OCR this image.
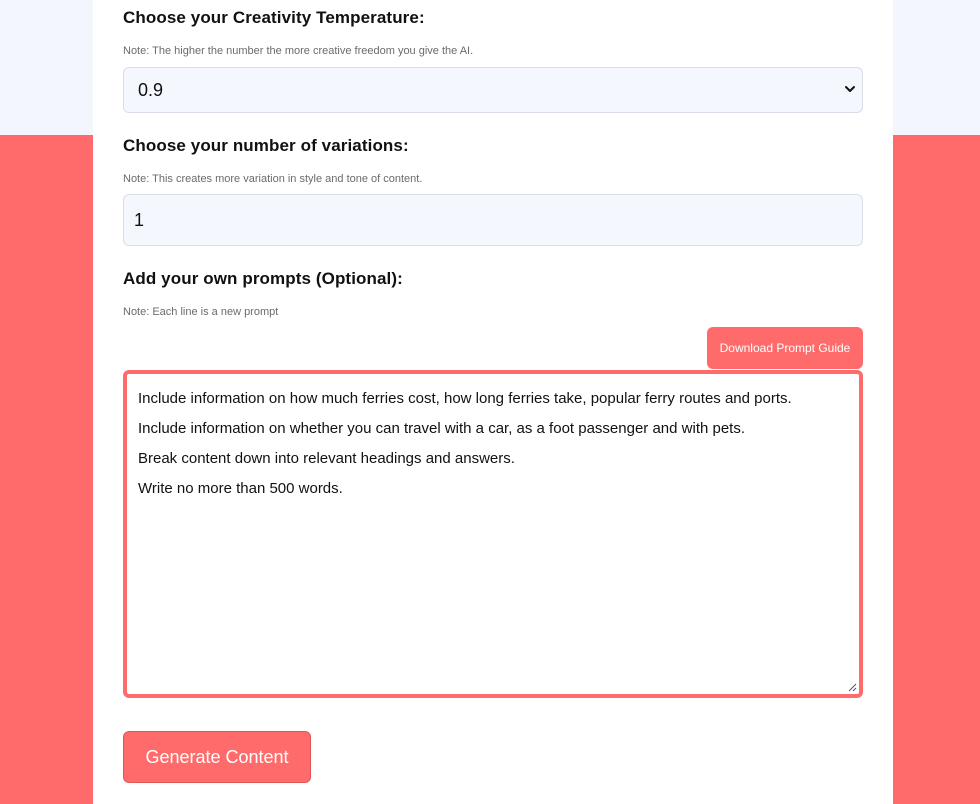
Choose your Creativity Temperature:
Note: The higher the number the more creative freedom you give the AI.
0.9
Choose your number of variations:
Note: This creates more variation in style and tone of content.
1
Add your own prompts (Optional):
Note: Each line is a new prompt
Download Prompt Guide
Include information on how much ferries cost, how long ferries take, popular ferry routes and ports.
Include information on whether you can travel with a car, as a foot passenger and with pets.
Break content down into relevant headings and answers.
Write no more than 500 words.
Generate Content
